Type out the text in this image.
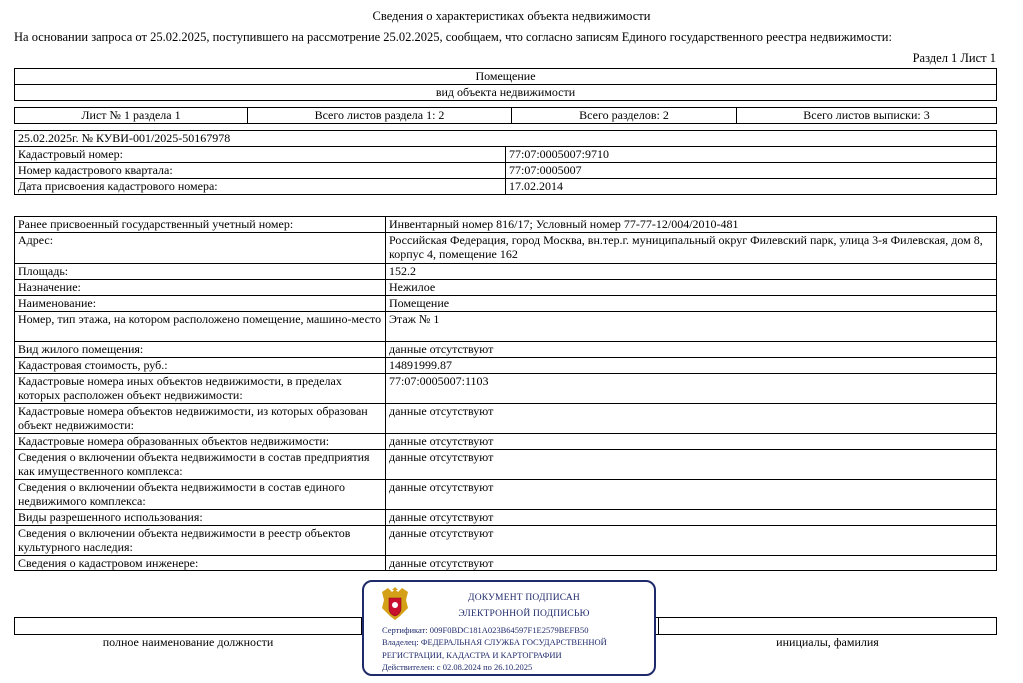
Сведения о характеристиках объекта недвижимости
На основании запроса от 25.02.2025, поступившего на рассмотрение 25.02.2025, сообщаем, что согласно записям Единого государственного реестра недвижимости:
Раздел 1 Лист 1
Помещение
вид объекта недвижимости
Лист № 1 раздела 1	Всего листов раздела 1: 2	Всего разделов: 2	Всего листов выписки: 3
25.02.2025г. № КУВИ-001/2025-50167978	
Кадастровый номер:	77:07:0005007:9710
Номер кадастрового квартала:	77:07:0005007
Дата присвоения кадастрового номера:	17.02.2014
Ранее присвоенный государственный учетный номер:	Инвентарный номер 816/17; Условный номер 77-77-12/004/2010-481
Адрес:	Российская Федерация, город Москва, вн.тер.г. муниципальный округ Филевский парк, улица 3-я Филевская, дом 8, корпус 4, помещение 162
Площадь:	152.2
Назначение:	Нежилое
Наименование:	Помещение
Номер, тип этажа, на котором расположено помещение, машино-место	Этаж № 1
Вид жилого помещения:	данные отсутствуют
Кадастровая стоимость, руб.:	14891999.87
Кадастровые номера иных объектов недвижимости, в пределах которых расположен объект недвижимости:	77:07:0005007:1103
Кадастровые номера объектов недвижимости, из которых образован объект недвижимости:	данные отсутствуют
Кадастровые номера образованных объектов недвижимости:	данные отсутствуют
Сведения о включении объекта недвижимости в состав предприятия как имущественного комплекса:	данные отсутствуют
Сведения о включении объекта недвижимости в состав единого недвижимого комплекса:	данные отсутствуют
Виды разрешенного использования:	данные отсутствуют
Сведения о включении объекта недвижимости в реестр объектов культурного наследия:	данные отсутствуют
Сведения о кадастровом инженере:	данные отсутствуют

полное наименование должности		инициалы, фамилия
ДОКУМЕНТ ПОДПИСАН
ЭЛЕКТРОННОЙ ПОДПИСЬЮ
Сертификат: 009F0BDC181A023B64597F1E2579BEFB50
Владелец: ФЕДЕРАЛЬНАЯ СЛУЖБА ГОСУДАРСТВЕННОЙ
РЕГИСТРАЦИИ, КАДАСТРА И КАРТОГРАФИИ
Действителен: с 02.08.2024 по 26.10.2025
